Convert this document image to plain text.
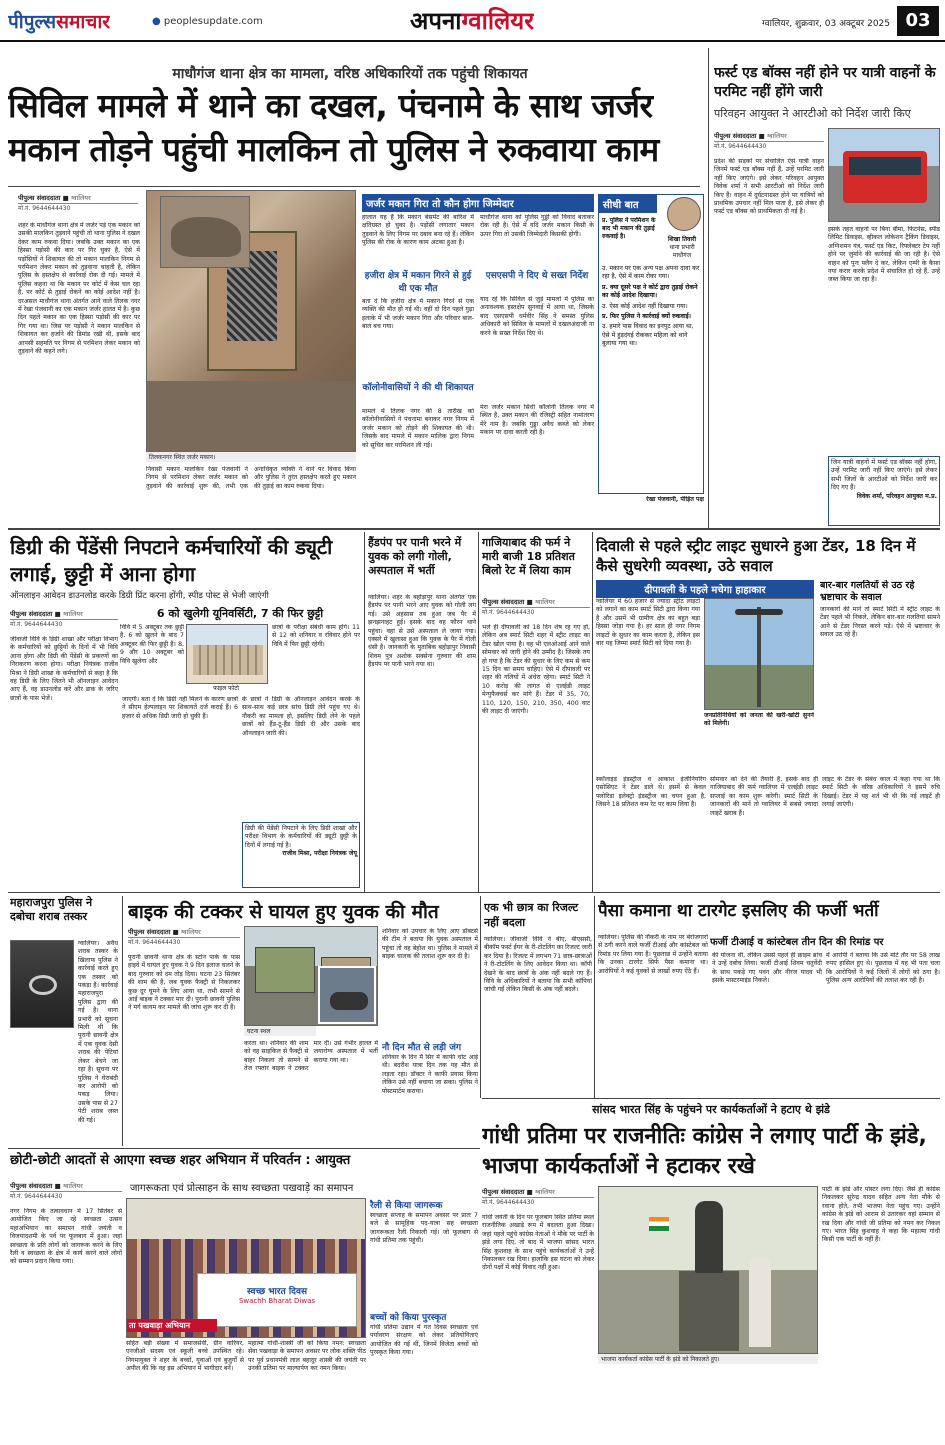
पीपुल्ससमाचार	● peoplesupdate.com	अपनाग्वालियर	ग्वालियर, शुक्रवार, 03 अक्टूबर 2025 03
माधौगंज थाना क्षेत्र का मामला, वरिष्ठ अधिकारियों तक पहुंची शिकायत
सिविल मामले में थाने का दखल, पंचनामे के साथ जर्जर मकान तोड़ने पहुंची मालकिन तो पुलिस ने रुकवाया काम
पीपुल्स संवाददाता ■ ग्वालियर
मो.नं. 9644644430
शहर के माधौगंज थाना क्षेत्र में जर्जर पड़े एक मकान को उसकी मालकिन तुड़वाने पहुंची तो थाना पुलिस ने दखल देकर काम रुकवा दिया। जबकि उक्त मकान का एक हिस्सा पड़ोसी की कार पर गिर चुका है, ऐसे में पड़ोसियों ने शिकायत की तो मकान मालकिन निगम से परमिशन लेकर मकान को तुड़वाना चाहती है, लेकिन पुलिस के हस्तक्षेप से कार्रवाई रोक दी गई। मामले में पुलिस कहना था कि मकान पर कोर्ट में केस चल रहा है, पर कोर्ट से तुड़ाई रोकने का कोई आदेश नहीं है। दरअसल माधौगंज थाना अंतर्गत आने वाले तिलक नगर में रेखा पंजवानी का एक मकान जर्जर हालत में है। कुछ दिन पहले मकान का एक हिस्सा पड़ोसी की कार पर गिर गया था। जिस पर पड़ोसी ने मकान मालकिन से शिकायत कर हर्जाने की डिमांड रखी थी, इसके बाद आपसी सहमति पर निगम से परमिशन लेकर मकान को तुड़वाने की कहने लगे।
तिलकनगर स्थित जर्जर मकान।
निवासी मकान मालकिन रेखा पंजवानी ने निगम से परमिशन लेकर जर्जर मकान को तुड़वाने की कार्रवाई शुरू की, तभी एक अनाधिकृत व्यक्ति ने थाने पर विवाद किया और पुलिस ने तुरंत हस्तक्षेप करते हुए मकान की तुड़ाई का काम रुकवा दिया।
जर्जर मकान गिरा तो कौन होगा जिम्मेदार
हालात यह हैं कि मकान बेसमेंट की बारिश में क्षतिग्रस्त हो चुका है। पड़ोसी लगातार मकान तुड़वाने के लिए निगम पर दबाव बना रहे हैं। लेकिन पुलिस की रोक के कारण काम अटका हुआ है।
हजीरा क्षेत्र में मकान गिरने से हुई थी एक मौत
बता दें कि हजीरा क्षेत्र में मकान गिरने से एक व्यक्ति की मौत हो गई थी। वहीं दो दिन पहले गुढ़ा इलाके में भी जर्जर मकान गिरा और परिवार बाल-बाल बच गया।
कॉलोनीवासियों ने की थी शिकायत
मामले में तिलक नगर की 8 तारीख को कॉलोनीवासियों ने पंचनामा बनाकर नगर निगम में जर्जर मकान को तोड़ने की शिकायत की थी। जिसके बाद मामले में मकान मालिक द्वारा निगम को सूचित कर परमिशन ली गई।
माधौगंज थाना को पुलिस गुड्डी को विवाद बताकर रोक रही है। ऐसे में यदि जर्जर मकान किसी के ऊपर गिरा तो उसकी जिम्मेदारी किसकी होगी।
एसएसपी ने दिए थे सख्त निर्देश
याद रहे कि सिविल से जुड़े मामलों में पुलिस का अनावश्यक हस्तक्षेप सुनवाई में आया था, जिसके बाद एसएसपी धर्मवीर सिंह ने समस्त पुलिस अधिकारी को सिविल के मामलों में दखलअंदाजी ना करने के सख्त निर्देश दिए थे।
मेरा जर्जर मकान सिंधी कॉलोनी तिलक नगर में स्थित है, उक्त मकान की रजिस्ट्री सहित नामांतरण मेरे नाम है। जबकि गुड्डा अवैध कब्जे को लेकर मकान पर दावा करती रही है।
रेखा पंजवानी, पीड़ित पक्ष
सीधी बात
शिखा तिवारी
थाना प्रभारी माधौगंज
प्र. पुलिस ने परमिशन के बाद भी मकान की तुड़ाई रुकवाई है।
उ. मकान पर एक अन्य पक्ष अपना दावा कर रहा है, ऐसे में काम रोका गया।
प्र. क्या दूसरे पक्ष ने कोर्ट द्वारा तुड़ाई रोकने का कोई आदेश दिखाया।
उ. ऐसा कोई आदेश नहीं दिखाया गया।
प्र. फिर पुलिस ने कार्रवाई क्यों रुकवाई।
उ. हमारे पास विवाद का इनपुट आया था, ऐसे में हुड़दंगई रोककर महिला को थाने बुलाया गया था।
फर्स्ट एड बॉक्स नहीं होने पर यात्री वाहनों के परमिट नहीं होंगे जारी
परिवहन आयुक्त ने आरटीओ को निर्देश जारी किए
पीपुल्स संवाददाता ■ ग्वालियर
मो.नं. 9644644430
प्रदेश की सड़कों पर संचालित ऐसे यात्री वाहन जिनमें फर्स्ट एड बॉक्स नहीं हैं, उन्हें परमिट जारी नहीं किए जाएंगे। इसे लेकर परिवहन आयुक्त विवेक शर्मा ने सभी आरटीओ को निर्देश जारी किए हैं। वाहन में दुर्घटनाग्रस्त होने पर यात्रियों को प्राथमिक उपचार नहीं मिल पाता है, इसे लेकर ही फर्स्ट एड बॉक्स को प्राथमिकता दी गई है।
इसके तहत वाहनों पर बिना बीमा, फिटनेस, स्पीड लिमिट डिवाइस, व्हीकल लोकेशन ट्रैकिंग डिवाइस, अग्निशमन यंत्र, फर्स्ट एड किट, रिफ्लेक्टर टेप नहीं होने पर जुर्माने की कार्रवाई की जा रही है। ऐसे वाहन को पुनः फ्लैग दे कर, लेकिन एम्पी के कैफ़ा नया करार करके प्रदेश में संचालित हो रहे हैं, उन्हें जब्त किया जा रहा है।
जिन यात्री वाहनों में फर्स्ट एड बॉक्स नहीं होगा, उन्हें परमिट जारी नहीं किए जाएंगे। इसे लेकर सभी जिलों के आरटीओ को निर्देश जारी कर दिए गए हैं।
विवेक शर्मा, परिवहन आयुक्त म.प्र.
डिग्री की पेंडेंसी निपटाने कर्मचारियों की ड्यूटी लगाई, छुट्टी में आना होगा
ऑनलाइन आवेदन डाउनलोड करके डिग्री प्रिंट करना होंगी, स्पीड पोस्ट से भेजी जाएंगी
पीपुल्स संवाददाता ■ ग्वालियर
मो.नं. 9644644430
6 को खुलेगी यूनिवर्सिटी, 7 की फिर छुट्टी
विवि में 5 अक्टूबर तक छुट्टी है, 6 को खुलने के बाद 7 अक्टूबर की फिर छुट्टी है। 8, 9 और 10 अक्टूबर को विवि खुलेगा और
फाइल फोटो
छात्रों के परीक्षा संबंधी काम होंगे। 11 से 12 को शनिवार व रविवार होने पर विवि में फिर छुट्टी रहेगी।
जीवाजी विवि के डिग्री शाखा और परीक्षा विभाग के कर्मचारियों को छुट्टियों के दिनों में भी विवि आना होगा और डिग्री की पेंडेंसी के प्रकरणों का निराकरण करना होगा। परीक्षा नियंत्रक राजीव मिश्रा ने डिग्री शाखा के कर्मचारियों से कहा है कि वह डिग्री के लिए जितने भी ऑनलाइन आवेदन आए हैं, वह डाउनलोड करें और डाक के जरिए छात्रों के पास भेजें।	जाएगी। बता दें कि डिग्री नहीं मिलने के कारण छात्रों ने सीएम हेल्पलाइन पर शिकायतें दर्ज कराई हैं। 6 हजार से अधिक डिग्री जारी हो चुकी हैं।
के छात्रों ने डिग्री के ऑनलाइन आवेदन करके के साथ-साथ कई छात्र सांच डिग्री लेने पहुंच गए थे। नौकरी का मामला हो, इसलिए डिग्री लेने के पहले छात्रों को हैंड-टू-हैंड डिग्री दी और उसके बाद ऑनलाइन जारी की।
डिग्री की पेंडेंसी निपटाने के लिए डिग्री शाखा और परीक्षा विभाग के कर्मचारियों की ड्यूटी छुट्टी के दिनों में लगाई गई है।
राजीव मिश्रा, परीक्षा नियंत्रक जेयू
हैंडपंप पर पानी भरने में युवक को लगी गोली, अस्पताल में भर्ती
ग्वालियर। शहर के बहोड़ापुर थाना अंतर्गत एक हैंडपंप पर पानी भरने आए युवक को गोली लग गई। उसे अहसास तब हुआ जब पैर में झनझनाहट हुई। इसके बाद वह फौरन थाने पहुंचा। वहां से उसे अस्पताल ले जाया गया। एक्सरे में खुलासा हुआ कि युवक के पैर में गोली धंसी है। जानकारी के मुताबिक बहोड़ापुर निवासी शिवम पुत्र अशोक सक्सेना गुरुवार की शाम हैंडपंप पर पानी भरने गया था।
गाजियाबाद की फर्म ने मारी बाजी 18 प्रतिशत बिलो रेट में लिया काम
पीपुल्स संवाददाता ■ ग्वालियर
मो.नं. 9644644430
भले ही दीपावली को 18 दिन शेष रह गए हों, लेकिन अब स्मार्ट सिटी शहर में स्ट्रीट लाइट का टेंडर खोल पाया है। वह भी एलओआई आने वाले सोमवार को जारी होने की उम्मीद है। जिसके तय हो गया है कि टेंडर की सुधार के लिए कम से कम 15 दिन का समय चाहिए। ऐसे में दीपावली पर शहर की गलियों में अंधेरा रहेगा। स्मार्ट सिटी ने 10 करोड़ की लागत से एलईडी लाइट मेन्युफैक्चर्स कर मांगे हैं। टेंडर में 35, 70, 110, 120, 150, 210, 350, 400 वाट की लाइट दी जाएंगी।
दिवाली से पहले स्ट्रीट लाइट सुधारने हुआ टेंडर, 18 दिन में कैसे सुधरेगी व्यवस्था, उठे सवाल
दीपावली के पहले मचेगा हाहाकार
ग्वालियर में 60 हजार से ज्यादा स्ट्रीट लाइटों को लगाने का काम स्मार्ट सिटी द्वारा किया गया है और उसमें भी ग्रामीण क्षेत्र का बहुत बड़ा हिस्सा जोड़ा गया है। हर साल ही नगर निगम लाइटों के सुधार का काम करता है, लेकिन इस बार यह जिम्मा स्मार्ट सिटी को दिया गया है।
जनप्रतिनिधियों को जनता की खरी-खोटी सुनने को मिलेगी।
बार-बार गलतियों से उठ रहे भ्रष्टाचार के सवाल
जानकारों की मानें तो स्मार्ट सिटी में स्ट्रीट लाइट के टेंडर पहले भी निकले, लेकिन बार-बार गलतियां सामने आने से टेंडर निरस्त करने पड़े। ऐसे में भ्रष्टाचार के सवाल उठ रहे हैं।
स्कॉलाइड इंडस्ट्रीज व आकाश इंजीनियरिंग एसोसिएट ने टेंडर डाले थे। इसमें से केवल फ्लोरिडा इलेक्ट्रो इंडस्ट्रीज का चयन हुआ है, जिसने 18 प्रतिशत कम रेट पर काम लिया है।
सोमवार को देने की तैयारी है, इसके बाद ही गाजियाबाद की फर्म ग्वालियर में एलईडी लाइट सप्लाई का काम शुरू करेगी। स्मार्ट सिटी के जानकारों की मानें तो ग्वालियर में सबसे ज्यादा लाइटें खराब हैं।
लाइट के टेंडर के संबंध काल में कहा गया था कि स्मार्ट सिटी के वरिष्ठ अधिकारियों ने इसमें रुचि दिखाई। टेंडर में यह शर्त भी थी कि नई लाइटें ही लगाई जाएंगी।
महाराजपुरा पुलिस ने दबोचा शराब तस्कर
ग्वालियर। अवैध शराब तस्कर के खिलाफ पुलिस ने कार्रवाई करते हुए एक तस्कर को पकड़ा है। कार्रवाई महाराजपुरा पुलिस द्वारा की गई है। थाना प्रभारी को सूचना मिली थी कि पुरानी छावनी क्षेत्र में एक युवक देसी शराब की पेटियां लेकर बेचने जा रहा है। सूचना पर पुलिस ने घेराबंदी कर आरोपी को पकड़ लिया। उसके पास से 27 पेटी शराब जब्त की गई।
बाइक की टक्कर से घायल हुए युवक की मौत
पीपुल्स संवाददाता ■ ग्वालियर
मो.नं. 9644644430
पुरानी छावनी थाना क्षेत्र के स्टोन पार्क के पास हाइवे में घायल हुए युवक ने 9 दिन इलाज चलने के बाद गुरुवार को दम तोड़ दिया। घटना 23 सितंबर की शाम की है, जब युवक फैक्ट्री से निकलकर कुछ दूर घूमने के लिए आया था, तभी सामने से आई बाइक ने टक्कर मार दी। पुरानी छावनी पुलिस ने मर्ग कायम कर मामले की जांच शुरू कर दी है।
घटना स्थल
करता था। शनिवार की शाम को वह साइकिल से फैक्ट्री से बाहर निकला तो सामने से तेज रफ्तार बाइक ने टक्कर मार दी। उसे गंभीर हालत में जयारोग्य अस्पताल में भर्ती कराया गया था।
शनिवार को उपचार के लिए आए डॉक्टर्स की टीम ने बताया कि युवक अस्पताल में पहुंचा तो वह बेहोश था। पुलिस ने मामले में बाइक चालक की तलाश शुरू कर दी है।
नौ दिन मौत से लड़ी जंग
शनिवार के दिन मैं सिर में काफी चोट आई थी। बदरीश यात्रा दिन तक यह मौत से लड़ता रहा। डॉक्टर ने काफी प्रयास किया लेकिन उसे नहीं बचाया जा सका। पुलिस ने पोस्टमार्टम कराया।
एक भी छात्र का रिजल्ट नहीं बदला
ग्वालियर। जीवाजी विवि ने बीए, बीएससी, बीकॉम फर्स्ट ईयर के री-टोटलिंग का रिजल्ट जारी कर दिया है। रिजल्ट में लगभग 71 छात्र-छात्राओं ने री-टोटलिंग के लिए आवेदन किया था। कॉपी देखने के बाद छात्रों के अंक नहीं बदले गए हैं। विवि के अधिकारियों ने बताया कि सभी कॉपियां जांची गईं लेकिन किसी के अंक नहीं बदले।
पैसा कमाना था टारगेट इसलिए की फर्जी भर्ती
फर्जी टीआई व कांस्टेबल तीन दिन की रिमांड पर
ग्वालियर। पुलिस की नौकरी के नाम पर बेरोजगारों से ठगी करने वाले फर्जी टीआई और कांस्टेबल को रिमांड पर लिया गया है। पूछताछ में उन्होंने बताया कि उनका टारगेट सिर्फ पैसा कमाना था। आरोपियों ने कई युवकों से लाखों रुपए ऐंठे हैं।
की योजना थी, लेकिन उससे पहले ही क्राइम ब्रांच ने उन्हें दबोच लिया। फर्जी टीआई शिवम चतुर्वेदी के साथ पकड़े गए पवन और नीरज यादव भी इसके मास्टरमाइंड निकले।
में आरोपी ने बताया कि उसे मोटे तौर पर 58 लाख रुपए हासिल हुए थे। पूछताछ में यह भी पता चला कि आरोपियों ने कई जिलों में लोगों को ठगा है। पुलिस अन्य आरोपियों की तलाश कर रही है।
सांसद भारत सिंह के पहुंचने पर कार्यकर्ताओं ने हटाए थे झंडे
गांधी प्रतिमा पर राजनीतिः कांग्रेस ने लगाए पार्टी के झंडे, भाजपा कार्यकर्ताओं ने हटाकर रखे
पीपुल्स संवाददाता ■ ग्वालियर
मो.नं. 9644644430
गांधी जयंती के दिन पर फूलबाग स्थित प्रतिमा स्थल राजनीतिक अखाड़े रूप में बदलता हुआ दिखा। जहां पहले पहुंचे कांग्रेस नेताओं ने मौके पर पार्टी के झंडे लगा दिए, तो बाद में भाजपा सांसद भारत सिंह कुशवाह के साथ पहुंचे कार्यकर्ताओं ने उन्हें निकालकर रख दिया। हालांकि इस घटना को लेकर दोनों पक्षों में कोई विवाद नहीं हुआ।
भाजपा कार्यकर्ता कांग्रेस पार्टी के झंडे को निकालते हुए।
पार्टी के झंडे और पोस्टर लगा दिए। जैसे ही कांग्रेस निकलकर सुरेन्द्र यादव सहित अन्य नेता मौके से रवाना होते, तभी भाजपा नेता पहुंच गए। उन्होंने कांग्रेस के झंडे को आराम से उतारकर वहां सम्मान से रख दिया और गांधी जी प्रतिमा को नमन कर निकल गए। भारत सिंह कुशवाह ने कहा कि महात्मा गांधी किसी एक पार्टी के नहीं हैं।
छोटी-छोटी आदतों से आएगा स्वच्छ शहर अभियान में परिवर्तन : आयुक्त
पीपुल्स संवाददाता ■ ग्वालियर
मो.नं. 9644644430
जागरूकता एवं प्रोत्साहन के साथ स्वच्छता पखवाड़े का समापन
नगर निगम के तत्वावधान में 17 सितंबर से आयोजित किए जा रहे स्वच्छता उत्सव महाअभियान का समापन गांधी जयंती व विजयादशमी के पर्व पर फूलबाग में हुआ। जहां स्वच्छता के प्रति लोगों को जागरूक करने के लिए रैली व स्वच्छता के क्षेत्र में कार्य करने वाले लोगों को सम्मान प्रदान किया गया।
स्वच्छ भारत दिवस
Swachh Bharat Diwas
ता पखवाड़ा अभियान
सहित बड़ी संख्या में समाजसेवी, ग्रीन वारियर, एनजीओ सदस्य एवं स्कूली बच्चे उपस्थित रहे। निगमायुक्त ने शहर के बच्चों, युवाओं एवं बुजुर्गों से अपील की कि वह इस अभियान में भागीदार बनें।
महात्मा गांधी-शास्त्री जी को किया नमन: स्वच्छता सेवा पखवाड़ा के समापन अवसर पर लोक शक्ति पीठ पर पूर्व प्रधानमंत्री लाल बहादुर शास्त्री की जयंती पर उनकी प्रतिमा पर माल्यार्पण कर नमन किया।
रैली से किया जागरूक
स्वच्छता सप्ताह के समापन अवसर पर प्रातः 7 बजे से सामूहिक पद-यात्रा सह स्वच्छता जागरूकता रैली निकाली गई। जो फूलबाग से गांधी प्रतिमा तक पहुंची।
बच्चों को किया पुरस्कृत
गांधी प्रतिमा उद्यान में गत दिवस स्वच्छता एवं पर्यावरण संरक्षण को लेकर प्रतियोगिताएं आयोजित की गई थीं, जिनमें विजेता बच्चों को पुरस्कृत किया गया।
